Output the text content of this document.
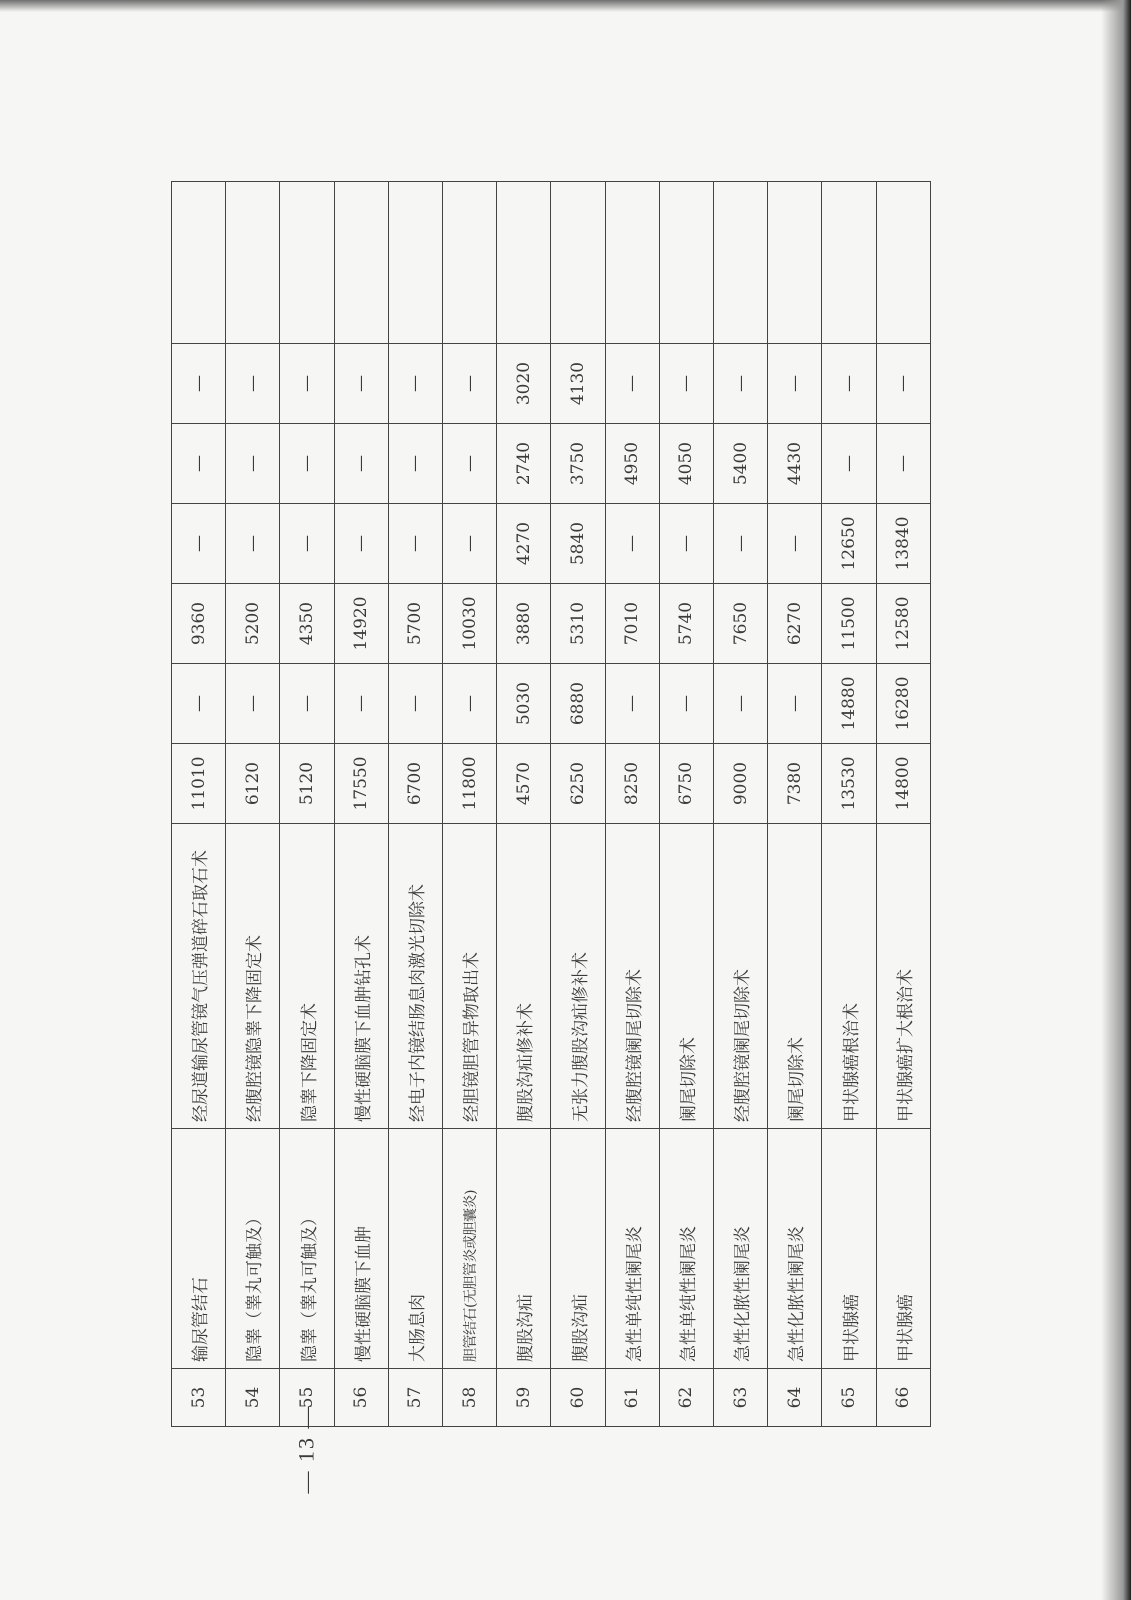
53	输尿管结石	经尿道输尿管镜气压弹道碎石取石术	11010	—	9360	—	—	—	
54	隐睾（睾丸可触及）	经腹腔镜隐睾下降固定术	6120	—	5200	—	—	—	
55	隐睾（睾丸可触及）	隐睾下降固定术	5120	—	4350	—	—	—	
56	慢性硬脑膜下血肿	慢性硬脑膜下血肿钻孔术	17550	—	14920	—	—	—	
57	大肠息肉	经电子内镜结肠息肉激光切除术	6700	—	5700	—	—	—	
58	胆管结石(无胆管炎或胆囊炎)	经胆镜胆管异物取出术	11800	—	10030	—	—	—	
59	腹股沟疝	腹股沟疝修补术	4570	5030	3880	4270	2740	3020	
60	腹股沟疝	无张力腹股沟疝修补术	6250	6880	5310	5840	3750	4130	
61	急性单纯性阑尾炎	经腹腔镜阑尾切除术	8250	—	7010	—	4950	—	
62	急性单纯性阑尾炎	阑尾切除术	6750	—	5740	—	4050	—	
63	急性化脓性阑尾炎	经腹腔镜阑尾切除术	9000	—	7650	—	5400	—	
64	急性化脓性阑尾炎	阑尾切除术	7380	—	6270	—	4430	—	
65	甲状腺癌	甲状腺癌根治术	13530	14880	11500	12650	—	—	
66	甲状腺癌	甲状腺癌扩大根治术	14800	16280	12580	13840	—	—	
— 13 —
